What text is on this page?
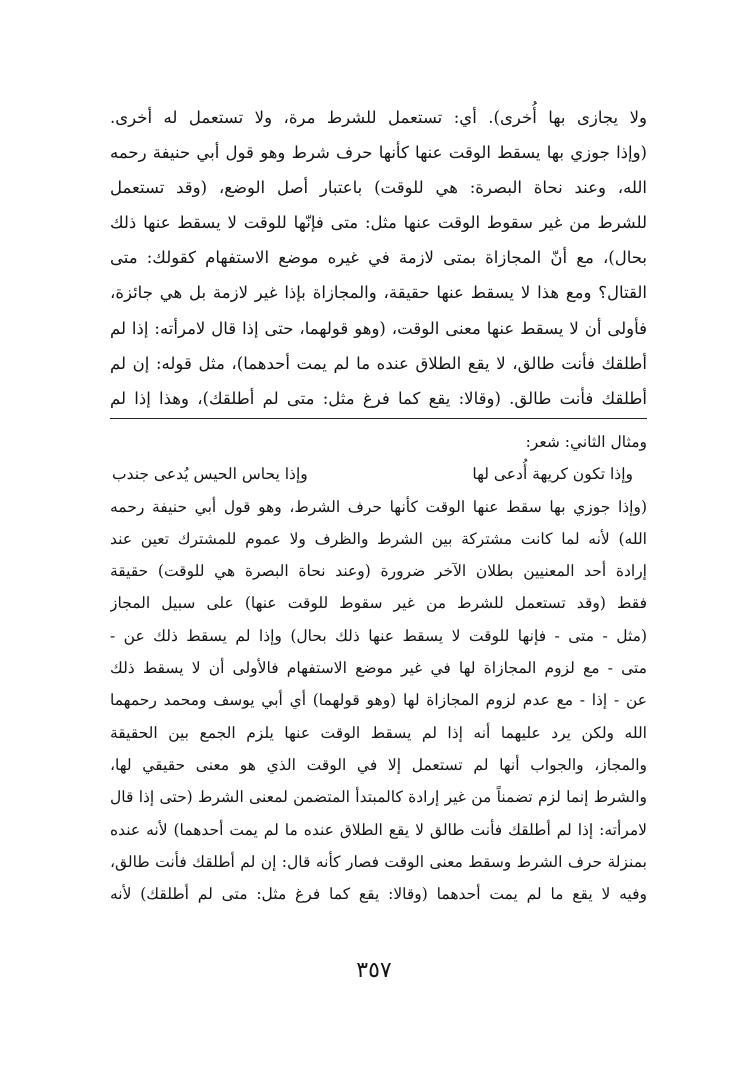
ولا يجازى بها أُخرى). أي: تستعمل للشرط مرة، ولا تستعمل له أخرى.
(وإذا جوزي بها يسقط الوقت عنها كأنها حرف شرط وهو قول أبي حنيفة رحمه
الله، وعند نحاة البصرة: هي للوقت) باعتبار أصل الوضع، (وقد تستعمل
للشرط من غير سقوط الوقت عنها مثل: متى فإنّها للوقت لا يسقط عنها ذلك
بحال)، مع أنّ المجازاة بمتى لازمة في غيره موضع الاستفهام كقولك: متى
القتال؟ ومع هذا لا يسقط عنها حقيقة، والمجازاة بإذا غير لازمة بل هي جائزة،
فأولى أن لا يسقط عنها معنى الوقت، (وهو قولهما، حتى إذا قال لامرأته: إذا لم
أطلقك فأنت طالق، لا يقع الطلاق عنده ما لم يمت أحدهما)، مثل قوله: إن لم
أطلقك فأنت طالق. (وقالا: يقع كما فرغ مثل: متى لم أطلقك)، وهذا إذا لم
ومثال الثاني: شعر:
وإذا تكون كريهة أُدعى لها
وإذا يحاس الحيس يُدعى جندب
(وإذا جوزي بها سقط عنها الوقت كأنها حرف الشرط، وهو قول أبي حنيفة رحمه
الله) لأنه لما كانت مشتركة بين الشرط والظرف ولا عموم للمشترك تعين عند
إرادة أحد المعنيين بطلان الآخر ضرورة (وعند نحاة البصرة هي للوقت) حقيقة
فقط (وقد تستعمل للشرط من غير سقوط للوقت عنها) على سبيل المجاز
(مثل - متى - فإنها للوقت لا يسقط عنها ذلك بحال) وإذا لم يسقط ذلك عن -
متى - مع لزوم المجازاة لها في غير موضع الاستفهام فالأولى أن لا يسقط ذلك
عن - إذا - مع عدم لزوم المجازاة لها (وهو قولهما) أي أبي يوسف ومحمد رحمهما
الله ولكن يرد عليهما أنه إذا لم يسقط الوقت عنها يلزم الجمع بين الحقيقة
والمجاز، والجواب أنها لم تستعمل إلا في الوقت الذي هو معنى حقيقي لها،
والشرط إنما لزم تضمناً من غير إرادة كالمبتدأ المتضمن لمعنى الشرط (حتى إذا قال
لامرأته: إذا لم أطلقك فأنت طالق لا يقع الطلاق عنده ما لم يمت أحدهما) لأنه عنده
بمنزلة حرف الشرط وسقط معنى الوقت فصار كأنه قال: إن لم أطلقك فأنت طالق،
وفيه لا يقع ما لم يمت أحدهما (وقالا: يقع كما فرغ مثل: متى لم أطلقك) لأنه
٣٥٧
